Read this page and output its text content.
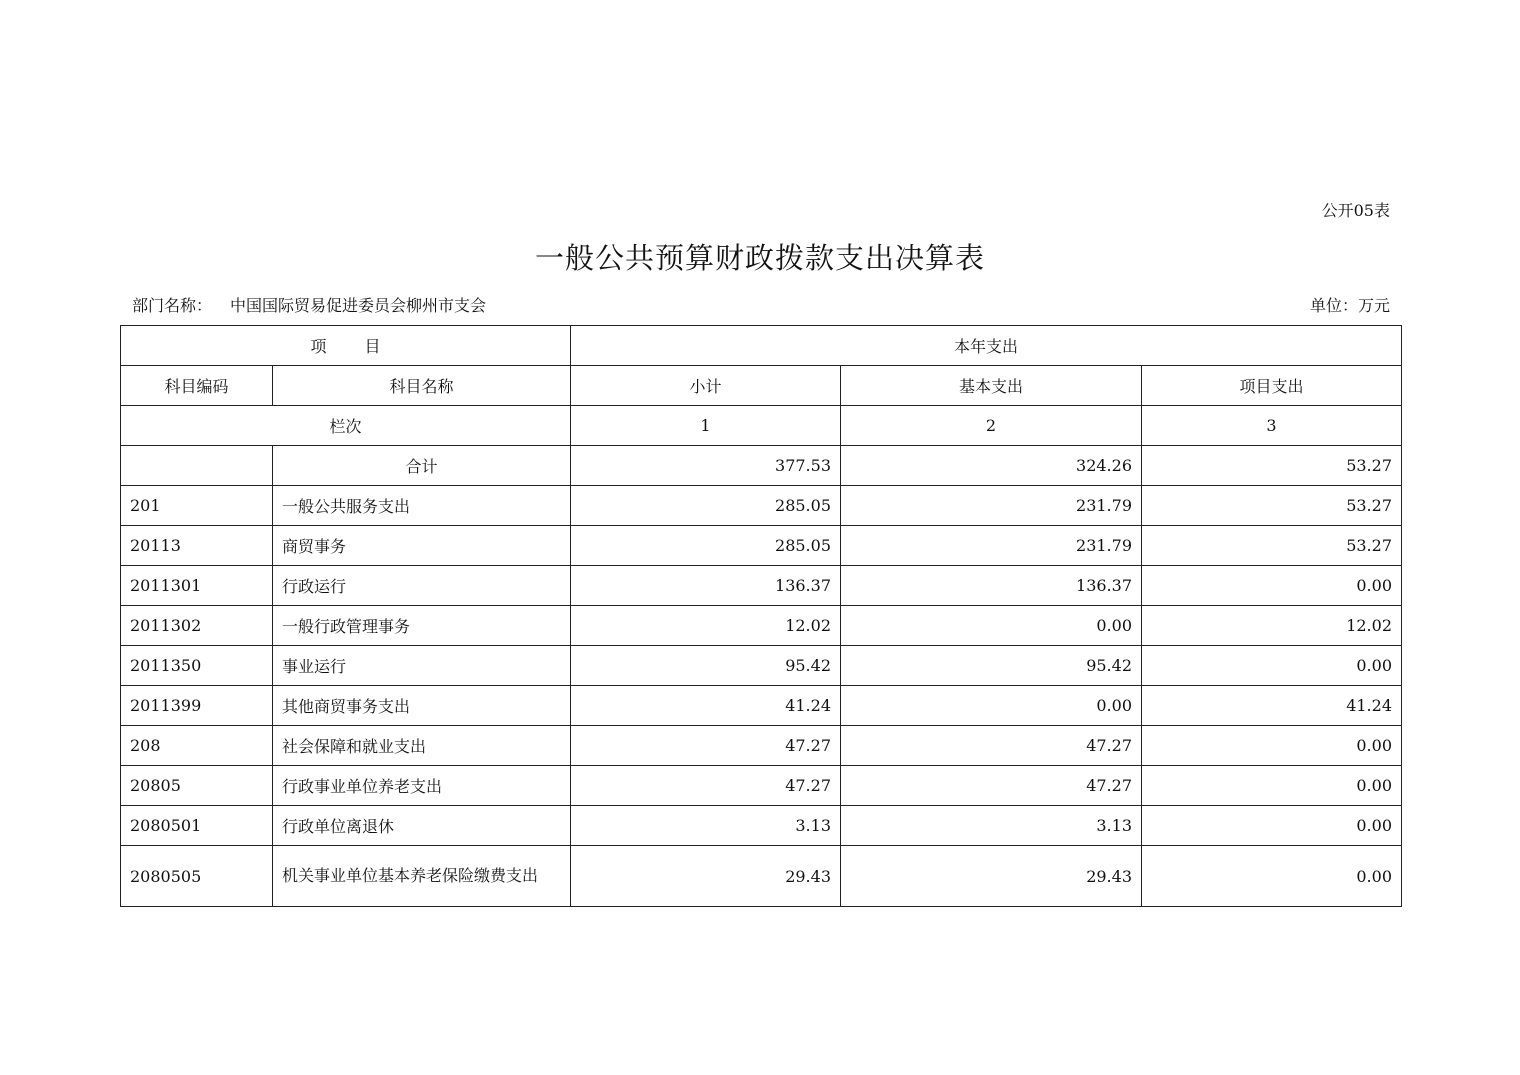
公开05表
一般公共预算财政拨款支出决算表
部门名称： 中国国际贸易促进委员会柳州市支会	单位：万元
项 目		本年支出		
科目编码	科目名称	小计	基本支出	项目支出
栏次		1	2	3
	合计	377.53	324.26	53.27
201	一般公共服务支出	285.05	231.79	53.27
20113	商贸事务	285.05	231.79	53.27
2011301	行政运行	136.37	136.37	0.00
2011302	一般行政管理事务	12.02	0.00	12.02
2011350	事业运行	95.42	95.42	0.00
2011399	其他商贸事务支出	41.24	0.00	41.24
208	社会保障和就业支出	47.27	47.27	0.00
20805	行政事业单位养老支出	47.27	47.27	0.00
2080501	行政单位离退休	3.13	3.13	0.00
2080505	机关事业单位基本养老保险缴费支出	29.43	29.43	0.00
